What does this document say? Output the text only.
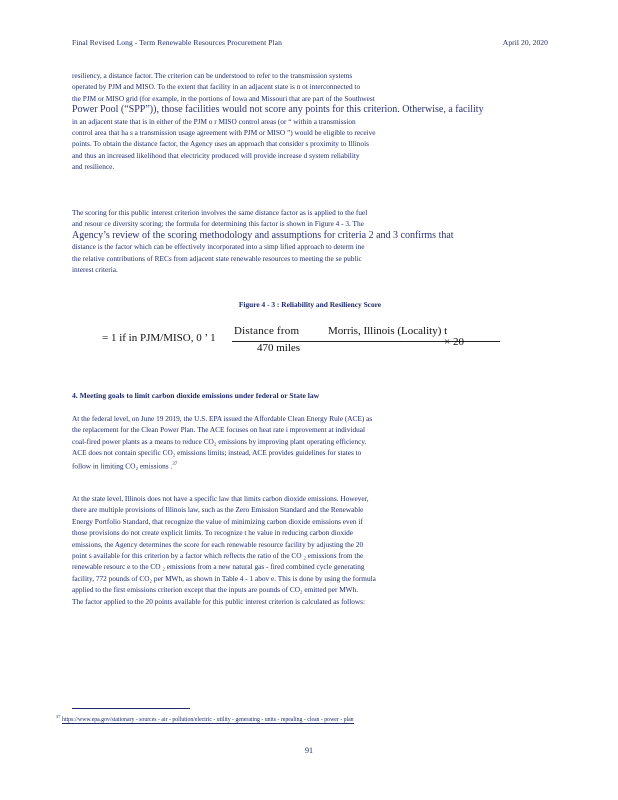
Final Revised Long - Term Renewable Resources Procurement Plan	April 20, 2020

resiliency, a distance factor. The criterion can be understood to refer to the transmission systems

operated by PJM and MISO. To the extent that facility in an adjacent state is n ot interconnected to

the PJM or MISO grid (for example, in the portions of Iowa and Missouri that are part of the Southwest

Power Pool (“SPP”)), those facilities would not score any points for this criterion. Otherwise, a facility

in an adjacent state that is in either of the PJM o r MISO control areas (or “ within a transmission

control area that ha s a transmission usage agreement with PJM or MISO ”) would be eligible to receive

points. To obtain the distance factor, the Agency uses an approach that consider s proximity to Illinois

and thus an increased likelihood that electricity produced will provide increase d system reliability

and resilience.

The scoring for this public interest criterion involves the same distance factor as is applied to the fuel

and resour ce diversity scoring; the formula for determining this factor is shown in Figure 4 - 3. The

Agency’s review of the scoring methodology and assumptions for criteria 2 and 3 confirms that

distance is the factor which can be effectively incorporated into a simp lified approach to determ ine

the relative contributions of RECs from adjacent state renewable resources to meeting the se public

interest criteria.

Figure 4 - 3 : Reliability and Resiliency Score
= 1 if in PJM/MISO, 0 ’ 1
Distance from	Morris, Illinois (Locality) t
470 miles	× 20
4. Meeting goals to limit carbon dioxide emissions under federal or State law

At the federal level, on June 19 2019, the U.S. EPA issued the Affordable Clean Energy Rule (ACE) as

the replacement for the Clean Power Plan. The ACE focuses on heat rate i mprovement at individual

coal-fired power plants as a means to reduce CO₂ emissions by improving plant operating efficiency.

ACE does not contain specific CO₂ emissions limits; instead, ACE provides guidelines for states to

follow in limiting CO₂ emissions .$^{37}$

At the state level, Illinois does not have a specific law that limits carbon dioxide emissions. However,

there are multiple provisions of Illinois law, such as the Zero Emission Standard and the Renewable

Energy Portfolio Standard, that recognize the value of minimizing carbon dioxide emissions even if

those provisions do not create explicit limits. To recognize t he value in reducing carbon dioxide

emissions, the Agency determines the score for each renewable resource facility by adjusting the 20

point s available for this criterion by a factor which reflects the ratio of the CO ₂ emissions from the

renewable resourc e to the CO ₂ emissions from a new natural gas - fired combined cycle generating

facility, 772 pounds of CO₂ per MWh, as shown in Table 4 - 1 abov e. This is done by using the formula

applied to the first emissions criterion except that the inputs are pounds of CO₂ emitted per MWh.

The factor applied to the 20 points available for this public interest criterion is calculated as follows:

$^{37}$ https://www.epa.gov/stationary - sources - air - pollution/electric - utility - generating - units - repealing - clean - power - plan
91
